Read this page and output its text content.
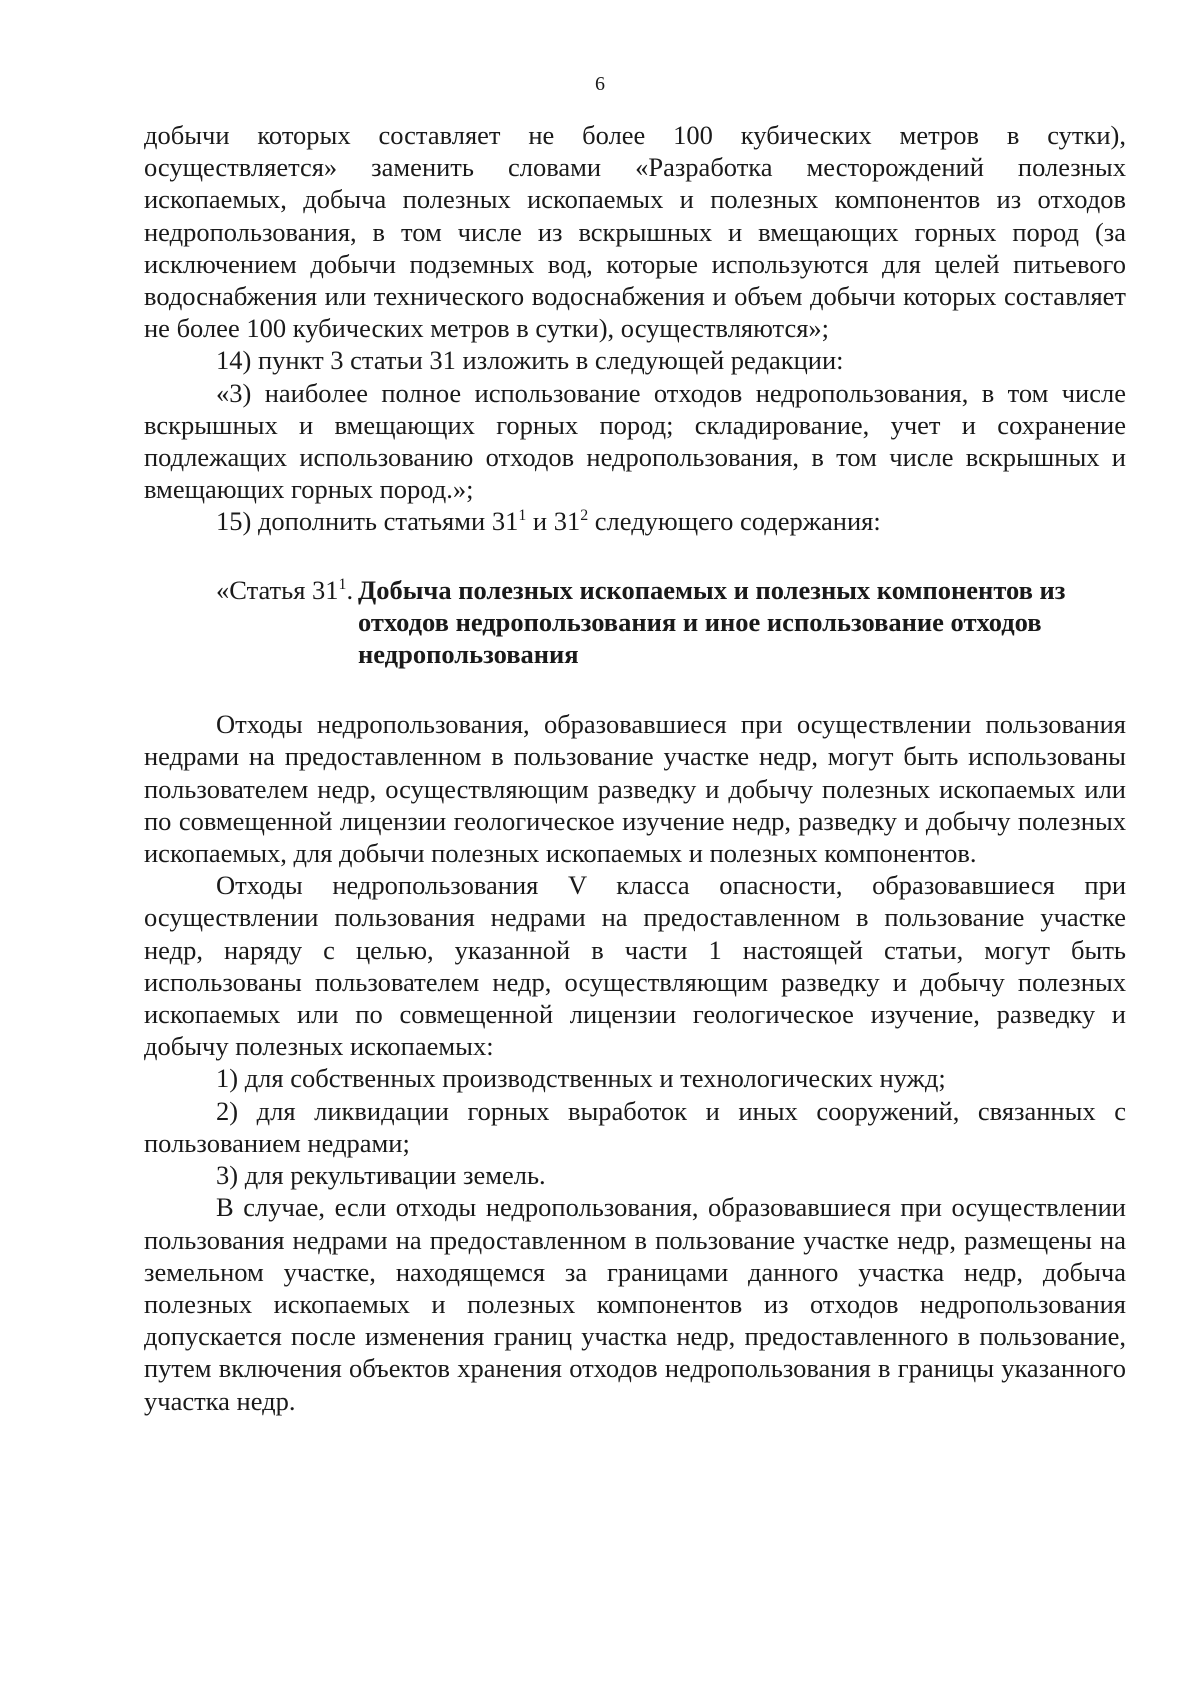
6

добычи которых составляет не более 100 кубических метров в сутки), осуществляется» заменить словами «Разработка месторождений полезных ископаемых, добыча полезных ископаемых и полезных компонентов из отходов недропользования, в том числе из вскрышных и вмещающих горных пород (за исключением добычи подземных вод, которые используются для целей питьевого водоснабжения или технического водоснабжения и объем добычи которых составляет не более 100 кубических метров в сутки), осуществляются»;

14) пункт 3 статьи 31 изложить в следующей редакции:

«3) наиболее полное использование отходов недропользования, в том числе вскрышных и вмещающих горных пород; складирование, учет и сохранение подлежащих использованию отходов недропользования, в том числе вскрышных и вмещающих горных пород.»;

15) дополнить статьями $31^1$ и $31^2$ следующего содержания:

«Статья $31^1$. Добыча полезных ископаемых и полезных компонентов из отходов недропользования и иное использование отходов недропользования

Отходы недропользования, образовавшиеся при осуществлении пользования недрами на предоставленном в пользование участке недр, могут быть использованы пользователем недр, осуществляющим разведку и добычу полезных ископаемых или по совмещенной лицензии геологическое изучение недр, разведку и добычу полезных ископаемых, для добычи полезных ископаемых и полезных компонентов.

Отходы недропользования V класса опасности, образовавшиеся при осуществлении пользования недрами на предоставленном в пользование участке недр, наряду с целью, указанной в части 1 настоящей статьи, могут быть использованы пользователем недр, осуществляющим разведку и добычу полезных ископаемых или по совмещенной лицензии геологическое изучение, разведку и добычу полезных ископаемых:

1) для собственных производственных и технологических нужд;

2) для ликвидации горных выработок и иных сооружений, связанных с пользованием недрами;

3) для рекультивации земель.

В случае, если отходы недропользования, образовавшиеся при осуществлении пользования недрами на предоставленном в пользование участке недр, размещены на земельном участке, находящемся за границами данного участка недр, добыча полезных ископаемых и полезных компонентов из отходов недропользования допускается после изменения границ участка недр, предоставленного в пользование, путем включения объектов хранения отходов недропользования в границы указанного участка недр.
